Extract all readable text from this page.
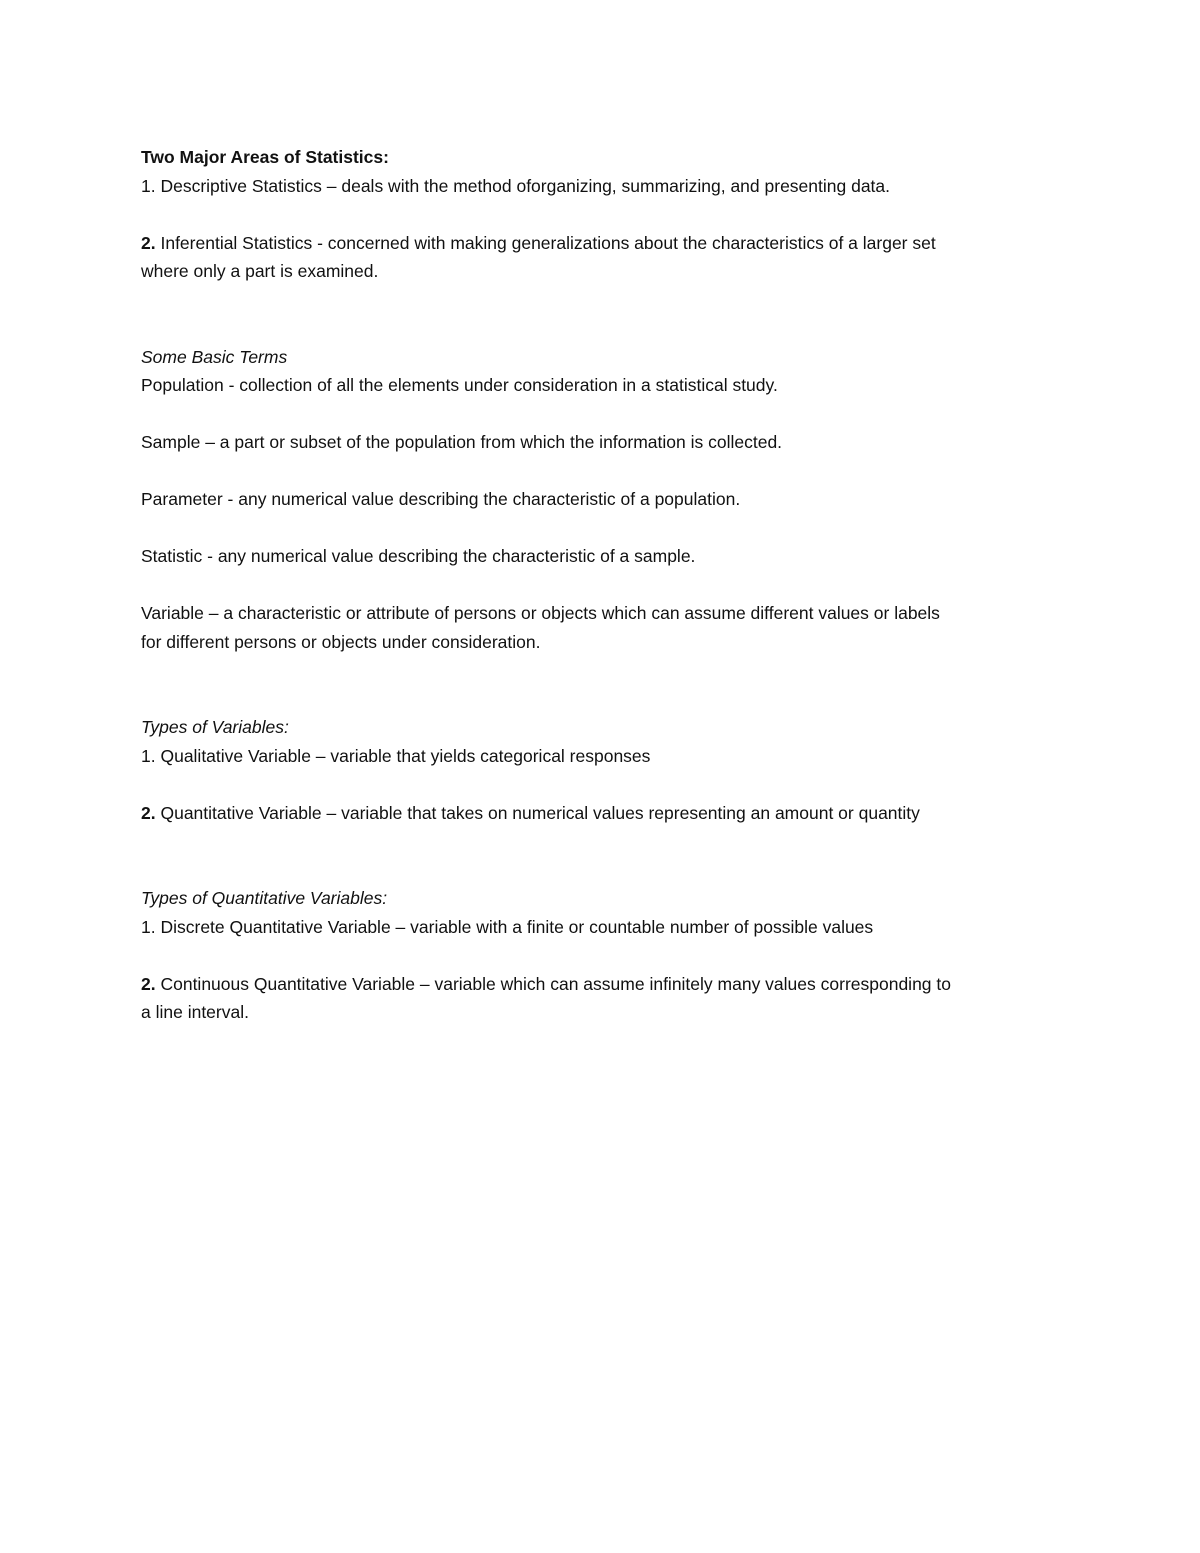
Two Major Areas of Statistics:
1. Descriptive Statistics – deals with the method oforganizing, summarizing, and presenting data.
2. Inferential Statistics - concerned with making generalizations about the characteristics of a larger set
where only a part is examined.
Some Basic Terms
Population - collection of all the elements under consideration in a statistical study.
Sample – a part or subset of the population from which the information is collected.
Parameter - any numerical value describing the characteristic of a population.
Statistic - any numerical value describing the characteristic of a sample.
Variable – a characteristic or attribute of persons or objects which can assume different values or labels
for different persons or objects under consideration.
Types of Variables:
1. Qualitative Variable – variable that yields categorical responses
2. Quantitative Variable – variable that takes on numerical values representing an amount or quantity
Types of Quantitative Variables:
1. Discrete Quantitative Variable – variable with a finite or countable number of possible values
2. Continuous Quantitative Variable – variable which can assume infinitely many values corresponding to
a line interval.
